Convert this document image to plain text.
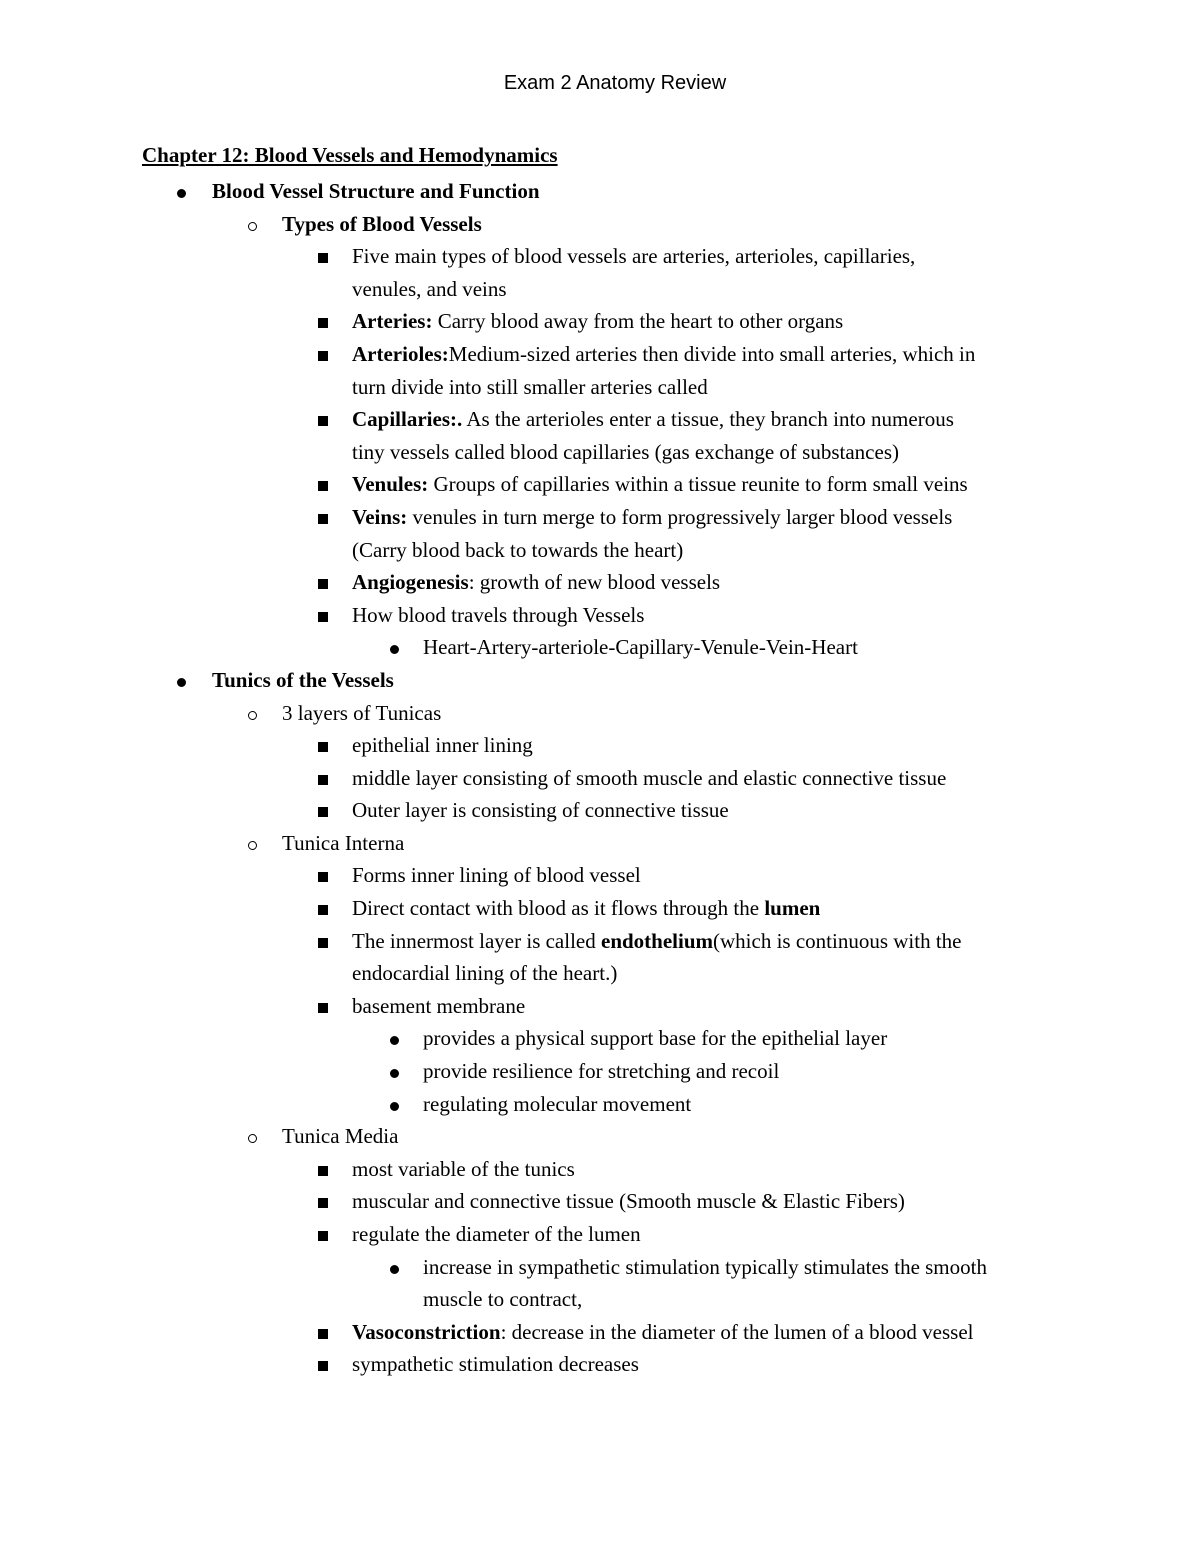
Exam 2 Anatomy Review
Chapter 12: Blood Vessels and Hemodynamics
Blood Vessel Structure and Function
Types of Blood Vessels
Five main types of blood vessels are arteries, arterioles, capillaries,
venules, and veins
Arteries: Carry blood away from the heart to other organs
Arterioles:Medium-sized arteries then divide into small arteries, which in
turn divide into still smaller arteries called
Capillaries:. As the arterioles enter a tissue, they branch into numerous
tiny vessels called blood capillaries (gas exchange of substances)
Venules: Groups of capillaries within a tissue reunite to form small veins
Veins: venules in turn merge to form progressively larger blood vessels
(Carry blood back to towards the heart)
Angiogenesis: growth of new blood vessels
How blood travels through Vessels
Heart-Artery-arteriole-Capillary-Venule-Vein-Heart
Tunics of the Vessels
3 layers of Tunicas
epithelial inner lining
middle layer consisting of smooth muscle and elastic connective tissue
Outer layer is consisting of connective tissue
Tunica Interna
Forms inner lining of blood vessel
Direct contact with blood as it flows through the lumen
The innermost layer is called endothelium(which is continuous with the
endocardial lining of the heart.)
basement membrane
provides a physical support base for the epithelial layer
provide resilience for stretching and recoil
regulating molecular movement
Tunica Media
most variable of the tunics
muscular and connective tissue (Smooth muscle & Elastic Fibers)
regulate the diameter of the lumen
increase in sympathetic stimulation typically stimulates the smooth
muscle to contract,
Vasoconstriction: decrease in the diameter of the lumen of a blood vessel
sympathetic stimulation decreases
